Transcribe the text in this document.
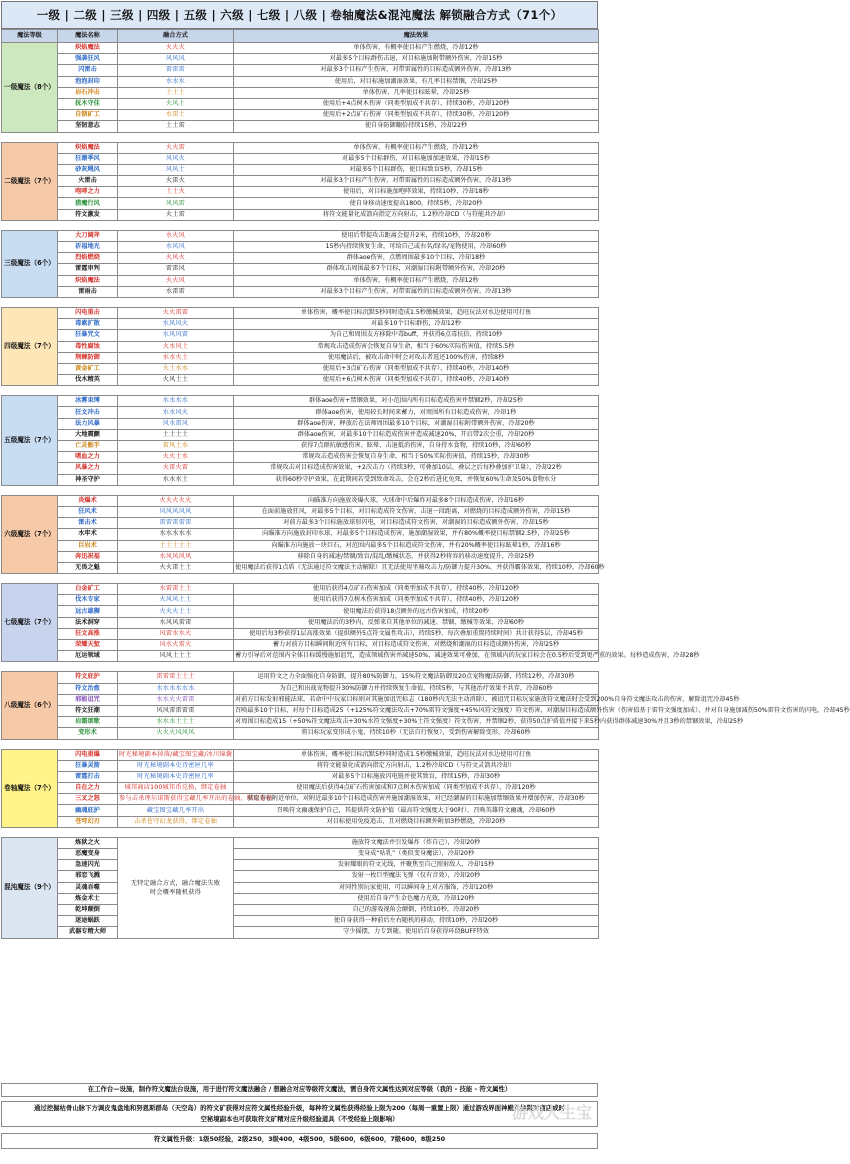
一级 | 二级 | 三级 | 四级 | 五级 | 六级 | 七级 | 八级 | 卷轴魔法&混沌魔法 解锁融合方式（71个）
魔法等级	魔法名称	融合方式	魔法效果
一级魔法（8个）	炽焰魔法	火火火	单体伤害，有概率使目标产生燃烧，冷却12秒
	强袭狂风	风风风	对最多5个目标群伤击退，对目标施加附带额外伤害，冷却15秒
	闪雷击	雷雷雷	对最多3个目标产生伤害，对带雷属性的目标造成额外伤害，冷却13秒
	泡泡封印	水水水	使用后，对目标施加潮湿效果，有几率目标禁锢，冷却25秒
	岩石冲击	土土土	单体伤害，几率使目标眩晕，冷却25秒
	抚木守佳	火风土	使用后+4点树木伤害（同类型加成不共存），持续30秒，冷却120秒
	自锁矿工	水雷土	使用后+2点矿石伤害（同类型加成不共存），持续30秒，冷却120秒
	坚韧意志	土土雷	使自身防御翻倍持续15秒，冷却22秒

二级魔法（7个）	炽焰魔法	火火雷	单体伤害，有概率使目标产生燃烧，冷却12秒
	狂潮季风	风风火	对最多5个目标群伤，对目标施加加速效果，冷却15秒
	砂灰飓风	风风土	对最多5个目标群伤，使目标致盲5秒，冷却15秒
	火雷击	火雷火	对最多3个目标产生伤害，对带雷属性的目标造成额外伤害，冷却13秒
	咆哮之力	土土火	使用后，对目标施加咆哮效果，持续10秒，冷却18秒
	猎魔行风	风风雷	使自身移动速度提高1800，持续5秒，冷却20秒
	符文激发	火土雷	将符文能量化成箭向指定方向射击，1.2秒冷却CD（与符能共冷却）

三级魔法（6个）	大刀阔斧	水火风	使用后带提攻击距离会提升2米，持续10秒，冷却20秒
	祈福地光	水风风	15秒内持续恢复生命，可给自己或右名/绿名/宠物使用，冷却60秒
	烈焰燃烧	火风火	群体aoe伤害，点燃周围最多10个目标，冷却18秒
	雷霆审判	雷雷风	群体攻击周围最多7个目标，对潮湿目标附带额外伤害，冷却20秒
	炽焰魔法	火火风	单体伤害，有概率使目标产生燃烧，冷却12秒
	雷雨击	水雷雷	对最多3个目标产生伤害，对带雷属性的目标造成额外伤害，冷却13秒

四级魔法（7个）	闪电重击	火火雷雷	单体伤害，概率使目标沉默5秒同时造成1.5秒缴械效果，趋旺玩法对水边使用可打鱼
	毒素扩散	水风风火	对最多10个目标群伤，冷却12秒
	狂暴咒文	水风风雷	为自己和周围友方移除中毒buff，并获得6点毒抗倍，持续10秒
	毒性腐蚀	火水风土	常规攻击造成伤害会恢复自身生命，相当于60%实际伤害值，持续5.5秒
	荆棘防御	水水火土	使用魔法后，被攻击命中时会对攻击者返还100%伤害，持续8秒
	黄金矿工	火土水水	使用后+3点矿石伤害（同类型加成不共存），持续40秒，冷却140秒
	伐木精英	火风土土	使用后+6点树木伤害（同类型加成不共存），持续40秒，冷却140秒

五级魔法（7个）	冰雾束缚	水水水水	群体aoe伤害+禁锢效果，对小范围内所有目标造成伤害并禁锢2秒，冷却25秒
	狂文冲击	水水风火	群体aoe伤害，使用较长时间来蓄力，对周围所有目标造成伤害，冷却1秒
	法力风暴	风水雷风	群体aoe伤害，释放后在法师周围最多10个目标，对潮湿目标附带额外伤害，冷却20秒
	大地震颤	土土土土	群体aoe伤害，对最多10个目标造成伤害并造成减速20%，开启带2次会重，冷却20秒
	亡灵骷手	雷风土水	获得7点群抗敏感伤害、眩晕、击退抵消伤害，自身持水食物，持续10秒，冷却60秒
	嗜血之力	火火土水	常规攻击造成伤害会恢复自身生命，相当于50%实际伤害值，持续15秒，冷却30秒
	风暴之力	火雷火雷	常规攻击对目标造成伤害效果，+2次击力（持续3秒，可叠加10层，叠层之后每秒叠加护卫量），冷却22秒
	神圣守护	水水水土	获得60秒守护效果，在此期间若受到致命攻击，会在2秒后进化免死，并恢复60%生命及50%食物水分

六级魔法（7个）	炎爆术	火火火火火	向瞄准方向施放炎爆火球，火球命中后爆炸对最多8个目标造成伤害，冷却16秒
	狂风术	风风风风风	在面前施放狂风，对最多5个目标，对目标造成符文伤害，击退一段距离，对燃烧的目标造成额外伤害，冷却15秒
	雷击术	雷雷雷雷雷	对前方最多3个目标施放球形闪电，对目标造成符文伤害，对潮湿的目标造成额外伤害，冷却15秒
	水牢术	水水水水水	向瞄准方向施放封印水球，对最多5个目标造成伤害，施加潮湿效果，并有80%概率使目标禁锢2.5秒，冷却25秒
	巨岩术	土土土土土	向瞄准方向施放一块巨石，对范围内最多5个目标造成符文伤害，并有20%概率使目标眩晕1秒，冷却16秒
	奔迅祝福	水风风风风	移除自身的减速/禁锢/致盲/混乱/缴械状态，并获得2秒将容的移动速度提升，冷却25秒
	无畏之魁	火火雷土土	使用魔法后获得1点盾（无法通过符文魔法主动解除）且无法使用坐骑攻击力/防御力提升30%，并获得霸体效果，持续10秒，冷却60秒

七级魔法（7个）	白金矿工	水雷雷土土	使用后获得4点矿石伤害加成（同类型加成不共存），持续40秒，冷却120秒
	伐木专家	火风风土土	使用后获得7点树木伤害加成（同类型加成不共存），持续40秒，冷却120秒
	远古雄狮	火火火土土	使用魔法后获得18点额外的远古伤害加成，持续20秒
	法术洞穿	水风风雷雷	使用魔法后的3秒内，反弹来自其他单位的减速、禁锢、缴械等效果，冷却60秒
	狂文高涨	风雷水水火	使用后每3秒获得1层高涨效果（提供额外5点符文属性攻击），持续5秒，每次叠加重置持续时间）共计获得5层，冷却45秒
	荣耀天堑	风水火雷火	蓄力对前方目标瞬间附近所有目标，对目标造成符文伤害，对燃烧和潮湿的目标造成额外伤害，冷却25秒
	厄运领域	风风土土土	蓄力引导后对范围内全体目标缓慢施加诅咒，造成领域伤害并减速50%，减速效果可叠加，在领域内的玩家目标会在0.5秒后受到更严重的效果。每秒造成伤害，冷却28秒

八级魔法（6个）	符文庇护	雷雷雷土土土	运用符文之力全面强化自身防御，提升80%防御力，15%符文魔法防御及20点宠物魔法防御，持续12秒，冷却30秒
	符文治愈	水水水水水水	为自己和出战宠物提升30%防御力并持续恢复生命值，持续5秒，与其他治疗效果不共存，冷却60秒
	邪能诅咒	水水火火雷雷	对前方目标发射邪能法球，若命中中玩家目标则对其施加诅咒标志（180秒内无法主动消除），被诅咒目标玩家施放符文魔法时会受到200%自身符文魔法攻击的伤害，解除诅咒冷却45秒
	符文狂潮	风风雷雷雷雷	召唤最多10个目标，对每个目标造成25（+125%符文魔法攻击+70%雷符文强度+45%风符文强度）符文伤害，对潮湿目标造成额外伤害（伤害值基于雷符文强度加成），并对自身施加减伤50%雷符文伤害的闪电，冷却45秒
	岩霜颂歌	水水水土土土	对周围目标造成15（+50%符文魔法攻击+30%水符文强度+30%土符文强度）符文伤害，并禁锢2秒，获得50点护盾值并接下来5秒内获得群体减速30%并且3秒的禁锢效果，冷却25秒
	变形术	火火火风风风	将目标玩家变形成小鬼，持续10秒（无法自行恢复），受到伤害解除变形，冷却60秒

卷轴魔法（7个）	闪电重爆	时光秘境副本掉落/藏宝图宝藏/冰川锦囊	单体伤害，概率使目标沉默5秒同时造成1.5秒缴械效果，趋旺玩法对水边使用可打鱼
	狂暴灵箭	时光秘境副本史诗密匣几率	将符文能量化成箭向指定方向射击，1.2秒冷却CD（与符文灵箭共冷却）
	雷霆打击	时光秘境副本史诗密匣几率	对最多5个目标施放闪电链并使其致盲，持续15秒，冷却30秒
	自在之力	城邦商店100城邦币兑换，绑定卷轴	使用魔法后获得4点矿石伤害加成和7点树木伤害加成（同类型加成不共存），冷却120秒
	三叉之怒	参与击杀理尔诺斯获得宝藏几率开出的卷轴，绑定卷轴	获取寄在附近单位，对附近最多10个目标造成伤害并施加潮湿效果，对已经潮湿的目标施加禁锢效果并增加伤害，冷却30秒
	幽魂庇护	藏宝图宝藏几率开出	召唤符文幽魂保护自己，其提供符文防护值（最高符文强度大于90时），召唤英雄符文幽魂，冷却60秒
	苍穹幻刃	击杀苍穹幻龙获得，绑定卷轴	对目标使用免疫追击，且对燃烧目标额外附加3秒燃烧，冷却20秒

混沌魔法（9个）	炼狱之火	无特定融合方式，融合魔法失败时会概率随机获得	施放符文魔法并引发爆炸（炸自己），冷却20秒
	恶魔变身		变身成“咕乳”（类似变身魔法），冷却20秒
	急速闪光		发射耀眼的符文光线，并聚焦至自己照射敌人，冷却15秒
	邪恋飞溅		发射一枚巨型魔法飞弹（仅有音效），冷却20秒
	灵魂吞噬		对同性别玩家使用，可以瞬间身上对方服饰，冷却120秒
	炼金术士		使用后自身产生金色魔力光效，冷却120秒
	乾坤颠倒		自己的游戏视角会颠倒，持续10秒，冷却20秒
	迷途蜗跃		使自身获得一种前后左右随机的移动，持续10秒，冷却20秒
	武器专精大师		守少摇摆，力专到随。使用后自身获得环绕BUFF特效
在工作台—设施，制作符文魔法台设施，用于进行符文魔法融合 / 想融合对应等级符文魔法，需自身符文属性达到对应等级（我的 - 技能 - 符文属性）
通过挖掘枯骨山脉下方调皮鬼盘地和努恩斯群岛（天空岛）的符文矿获得对应符文属性经验升级，每种符文属性获得经验上限为200（每周一重置上限）通过游戏界面神殿兑换限时商店或时空秘境副本也可获取符文矿精对应升级经验道具（不受经验上限影响）
符文属性升级：1级50经验，2级250，3级400，4级500，5级600，6级600，7级600，8级250
游戏人生宝
